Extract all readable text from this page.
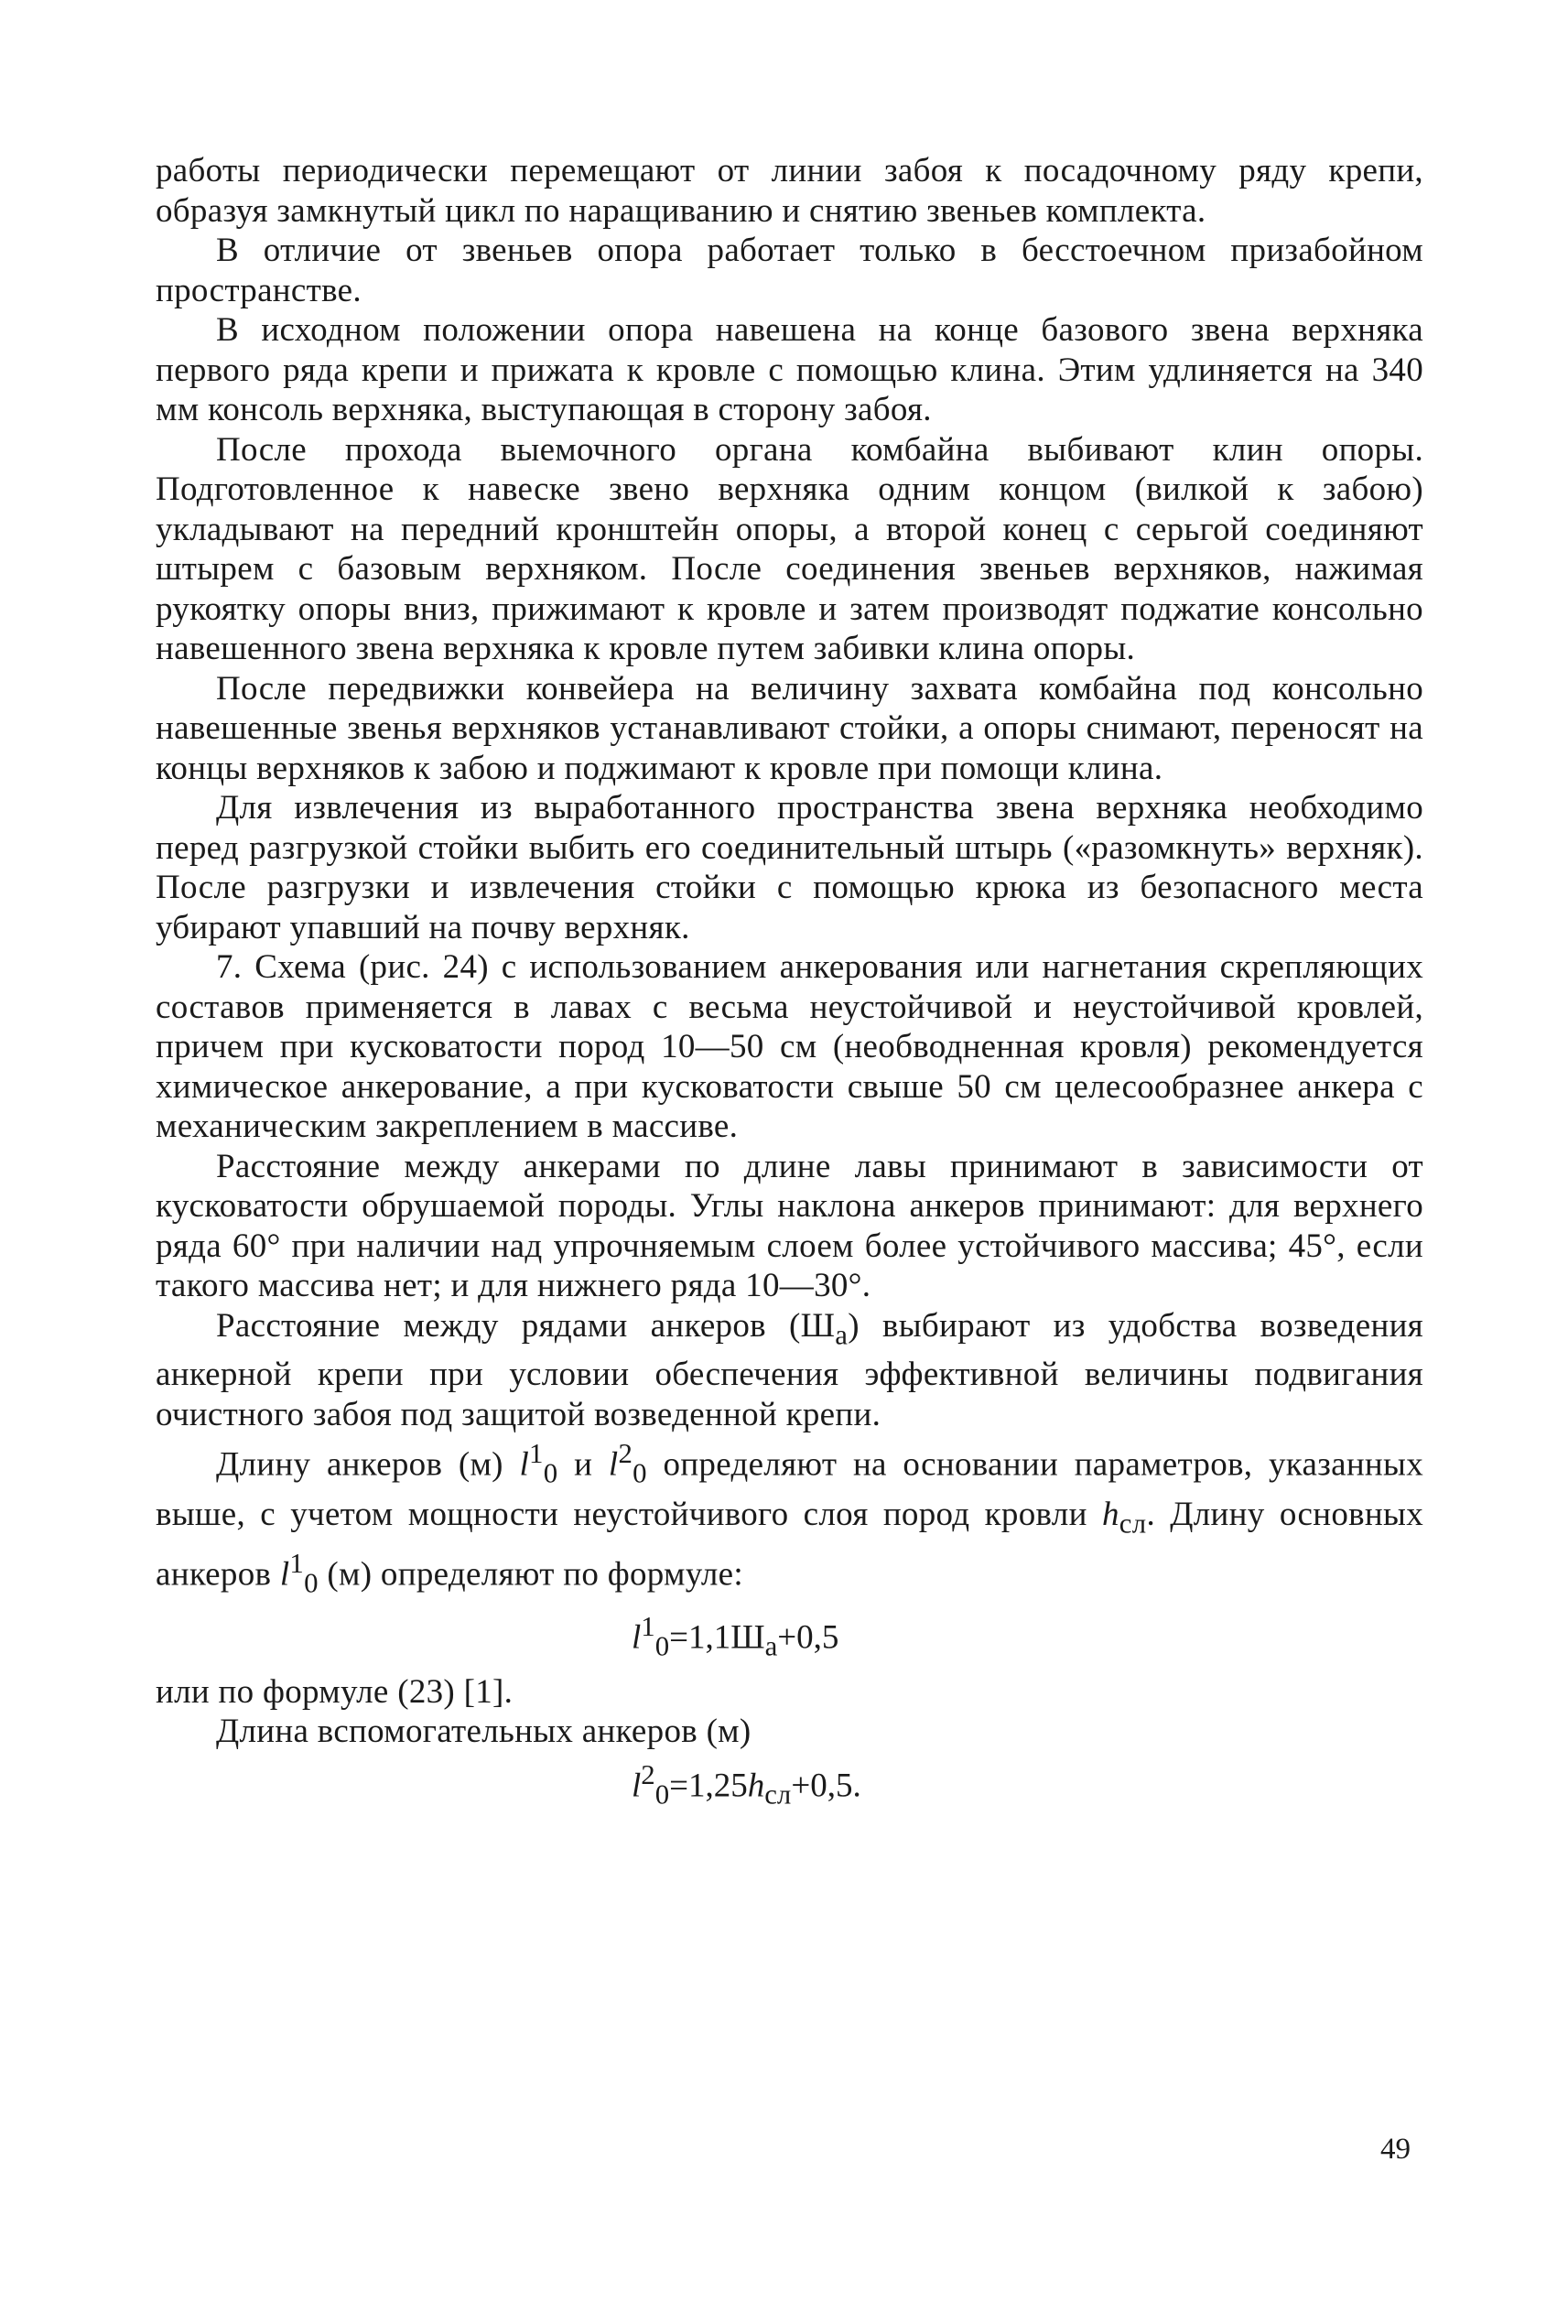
работы периодически перемещают от линии забоя к посадочному ряду крепи, образуя замкнутый цикл по наращиванию и снятию звеньев комплекта.

В отличие от звеньев опора работает только в бесстоечном призабойном пространстве.

В исходном положении опора навешена на конце базового звена верхняка первого ряда крепи и прижата к кровле с помощью клина. Этим удлиняется на 340 мм консоль верхняка, выступающая в сторону забоя.

После прохода выемочного органа комбайна выбивают клин опоры. Подготовленное к навеске звено верхняка одним концом (вилкой к забою) укладывают на передний кронштейн опоры, а второй конец с серьгой соединяют штырем с базовым верхняком. После соединения звеньев верхняков, нажимая рукоятку опоры вниз, прижимают к кровле и затем производят поджатие консольно навешенного звена верхняка к кровле путем забивки клина опоры.

После передвижки конвейера на величину захвата комбайна под консольно навешенные звенья верхняков устанавливают стойки, а опоры снимают, переносят на концы верхняков к забою и поджимают к кровле при помощи клина.

Для извлечения из выработанного пространства звена верхняка необходимо перед разгрузкой стойки выбить его соединительный штырь («разомкнуть» верхняк). После разгрузки и извлечения стойки с помощью крюка из безопасного места убирают упавший на почву верхняк.

7. Схема (рис. 24) с использованием анкерования или нагнетания скрепляющих составов применяется в лавах с весьма неустойчивой и неустойчивой кровлей, причем при кусковатости пород 10—50 см (необводненная кровля) рекомендуется химическое анкерование, а при кусковатости свыше 50 см целесообразнее анкера с механическим закреплением в массиве.

Расстояние между анкерами по длине лавы принимают в зависимости от кусковатости обрушаемой породы. Углы наклона анкеров принимают: для верхнего ряда 60° при наличии над упрочняемым слоем более устойчивого массива; 45°, если такого массива нет; и для нижнего ряда 10—30°.

Расстояние между рядами анкеров $(Ш_а)$ выбирают из удобства возведения анкерной крепи при условии обеспечения эффективной величины подвигания очистного забоя под защитой возведенной крепи.

Длину анкеров (м) $l^1_0$ и $l^2_0$ определяют на основании параметров, указанных выше, с учетом мощности неустойчивого слоя пород кровли $h_{сл}$. Длину основных анкеров $l^1_0$ (м) определяют по формуле:

$l^1_0=1,1Ш_а+0,5$

или по формуле (23) [1].

Длина вспомогательных анкеров (м)

$l^2_0=1,25h_{сл}+0,5$.
49
